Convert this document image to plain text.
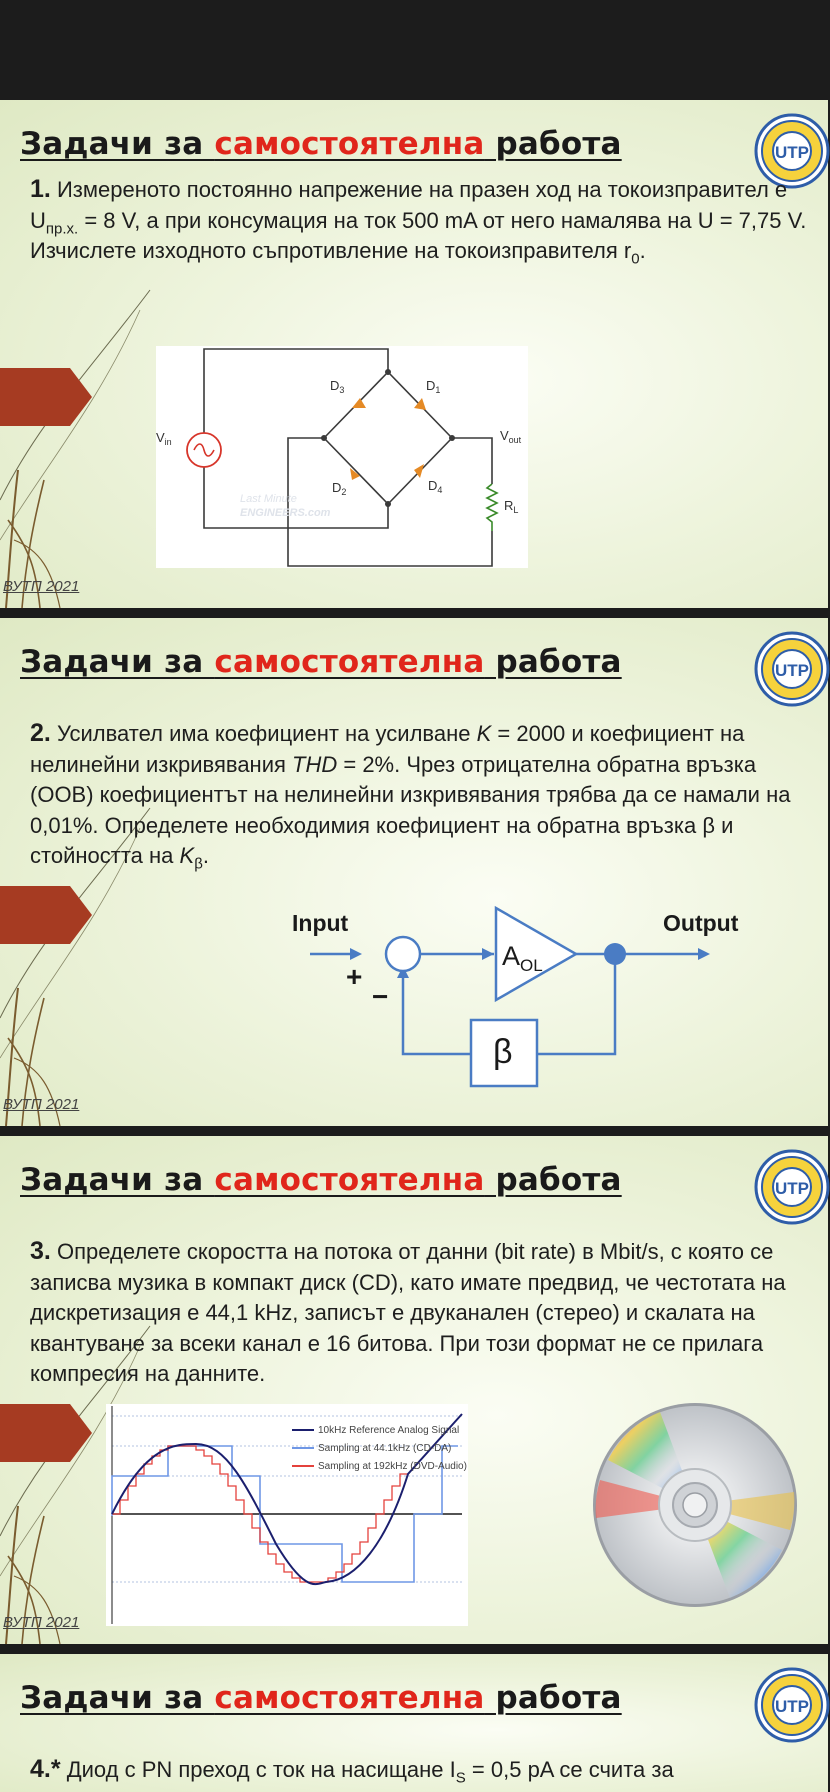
Задачи за самостоятелна работа	UTP

1. Измереното постоянно напрежение на празен ход на токоизправител е $U_{пр.х.} = 8$ V, а при консумация на ток 500 mA от него намалява на U = 7,75 V. Изчислете изходното съпротивление на токоизправителя $r_0$.

$V_{in}$	$V_{out}$
$R_L$
$D_3$	$D_1$
$D_2$	$D_4$
Last Minute
ENGINEERS.com
ВУТП 2021
Задачи за самостоятелна работа	UTP

2. Усилвател има коефициент на усилване K = 2000 и коефициент на нелинейни изкривявания THD = 2%. Чрез отрицателна обратна връзка (ООВ) коефициентът на нелинейни изкривявания трябва да се намали на 0,01%. Определете необходимия коефициент на обратна връзка β и стойността на $K_\beta$.

Input	Output
+
−
$A_{OL}$
β
ВУТП 2021
Задачи за самостоятелна работа	UTP

3. Определете скоростта на потока от данни (bit rate) в Mbit/s, с която се записва музика в компакт диск (CD), като имате предвид, че честотата на дискретизация е 44,1 kHz, записът е двуканален (стерео) и скалата на квантуване за всеки канал е 16 битова. При този формат не се прилага компресия на данните.

10kHz Reference Analog Signal
Sampling at 44.1kHz (CD-DA)
Sampling at 192kHz (DVD-Audio)
ВУТП 2021
Задачи за самостоятелна работа	UTP

4.* Диод с PN преход с ток на насищане $I_S = 0,5$ pA се счита за
